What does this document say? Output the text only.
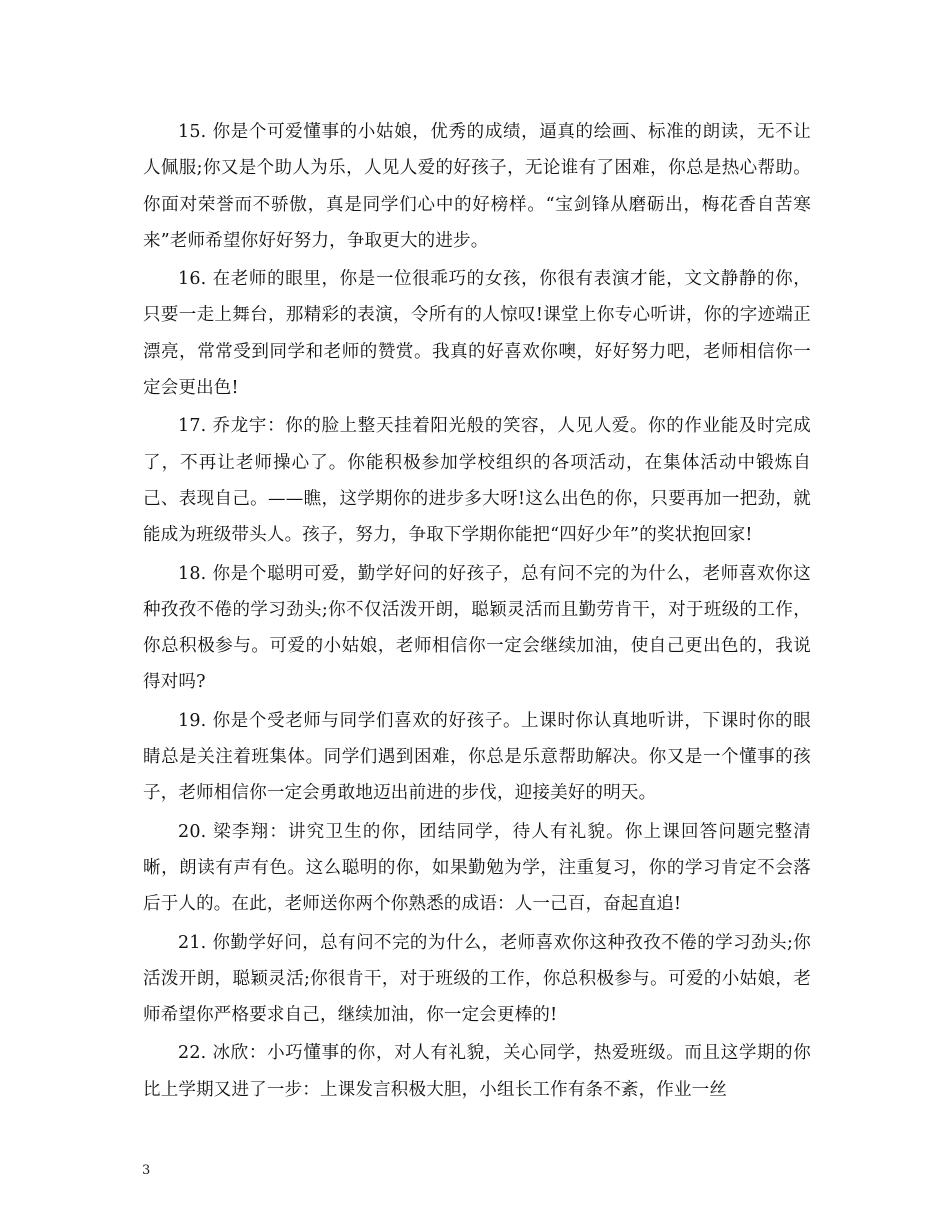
15. 你是个可爱懂事的小姑娘，优秀的成绩，逼真的绘画、标准的朗读，无不让人佩服;你又是个助人为乐，人见人爱的好孩子，无论谁有了困难，你总是热心帮助。你面对荣誉而不骄傲，真是同学们心中的好榜样。“宝剑锋从磨砺出，梅花香自苦寒来”老师希望你好好努力，争取更大的进步。

16. 在老师的眼里，你是一位很乖巧的女孩，你很有表演才能，文文静静的你，只要一走上舞台，那精彩的表演，令所有的人惊叹!课堂上你专心听讲，你的字迹端正漂亮，常常受到同学和老师的赞赏。我真的好喜欢你噢，好好努力吧，老师相信你一定会更出色!

17. 乔龙宇：你的脸上整天挂着阳光般的笑容，人见人爱。你的作业能及时完成了，不再让老师操心了。你能积极参加学校组织的各项活动，在集体活动中锻炼自己、表现自己。——瞧，这学期你的进步多大呀!这么出色的你，只要再加一把劲，就能成为班级带头人。孩子，努力，争取下学期你能把“四好少年”的奖状抱回家!

18. 你是个聪明可爱，勤学好问的好孩子，总有问不完的为什么，老师喜欢你这种孜孜不倦的学习劲头;你不仅活泼开朗，聪颖灵活而且勤劳肯干，对于班级的工作，你总积极参与。可爱的小姑娘，老师相信你一定会继续加油，使自己更出色的，我说得对吗?

19. 你是个受老师与同学们喜欢的好孩子。上课时你认真地听讲，下课时你的眼睛总是关注着班集体。同学们遇到困难，你总是乐意帮助解决。你又是一个懂事的孩子，老师相信你一定会勇敢地迈出前进的步伐，迎接美好的明天。

20. 梁李翔：讲究卫生的你，团结同学，待人有礼貌。你上课回答问题完整清晰，朗读有声有色。这么聪明的你，如果勤勉为学，注重复习，你的学习肯定不会落后于人的。在此，老师送你两个你熟悉的成语：人一己百，奋起直追!

21. 你勤学好问，总有问不完的为什么，老师喜欢你这种孜孜不倦的学习劲头;你活泼开朗，聪颖灵活;你很肯干，对于班级的工作，你总积极参与。可爱的小姑娘，老师希望你严格要求自己，继续加油，你一定会更棒的!

22. 冰欣：小巧懂事的你，对人有礼貌，关心同学，热爱班级。而且这学期的你比上学期又进了一步：上课发言积极大胆，小组长工作有条不紊，作业一丝

3
